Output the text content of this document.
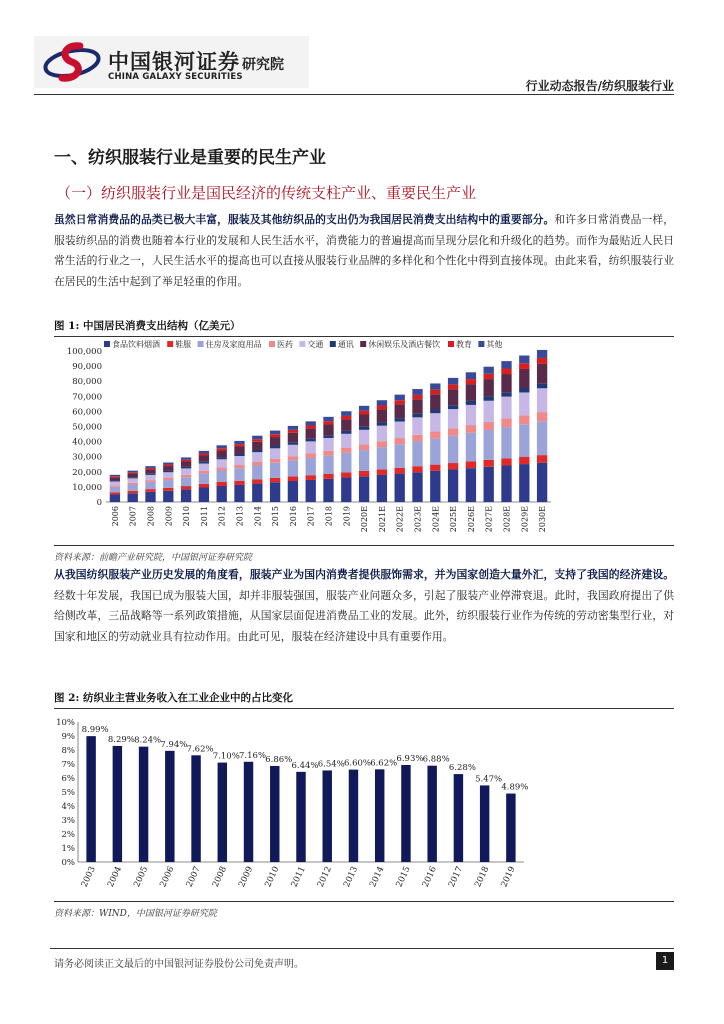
中国银河证券
CHINA GALAXY SECURITIES
研究院
行业动态报告/纺织服装行业
一、纺织服装行业是重要的民生产业
（一）纺织服装行业是国民经济的传统支柱产业、重要民生产业
虽然日常消费品的品类已极大丰富，服装及其他纺织品的支出仍为我国居民消费支出结构中的重要部分。和许多日常消费品一样，服装纺织品的消费也随着本行业的发展和人民生活水平，消费能力的普遍提高而呈现分层化和升级化的趋势。而作为最贴近人民日常生活的行业之一，人民生活水平的提高也可以直接从服装行业品牌的多样化和个性化中得到直接体现。由此来看，纺织服装行业在居民的生活中起到了举足轻重的作用。
图 1: 中国居民消费支出结构（亿美元）
食品饮料烟酒 鞋服 住房及家庭用品 医药 交通 通讯 休闲娱乐及酒店餐饮 教育 其他
0
10,000
20,000
30,000
40,000
50,000
60,000
70,000
80,000
90,000
100,000
2006 2007 2008 2009 2010 2011 2012 2013 2014 2015 2016 2017 2018 2019 2020E 2021E 2022E 2023E 2024E 2025E 2026E 2027E 2028E 2029E 2030E
资料来源：前瞻产业研究院，中国银河证券研究院
从我国纺织服装产业历史发展的角度看，服装产业为国内消费者提供服饰需求，并为国家创造大量外汇，支持了我国的经济建设。经数十年发展，我国已成为服装大国，却并非服装强国，服装产业问题众多，引起了服装产业停滞衰退。此时，我国政府提出了供给侧改革，三品战略等一系列政策措施，从国家层面促进消费品工业的发展。此外，纺织服装行业作为传统的劳动密集型行业，对国家和地区的劳动就业具有拉动作用。由此可见，服装在经济建设中具有重要作用。
图 2: 纺织业主营业务收入在工业企业中的占比变化
0%
1%
2%
3%
4%
5%
6%
7%
8%
9%
10%
8.99%
2003
8.29%
2004
8.24%
2005
7.94%
2006
7.62%
2007
7.10%
2008
7.16%
2009
6.86%
2010
6.44%
2011
6.54%
2012
6.60%
2013
6.62%
2014
6.93%
2015
6.88%
2016
6.28%
2017
5.47%
2018
4.89%
2019
资料来源：WIND，中国银河证券研究院
请务必阅读正文最后的中国银河证券股份公司免责声明。	1
